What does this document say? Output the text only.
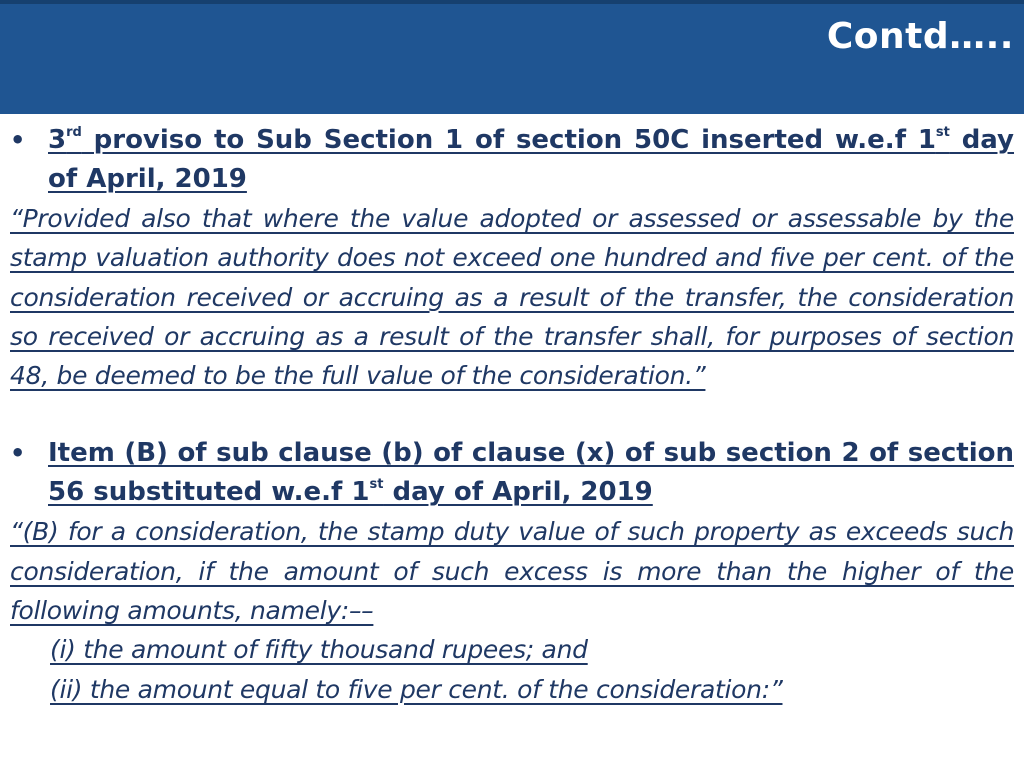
Contd…..
• 3rd proviso to Sub Section 1 of section 50C inserted w.e.f 1st day of April, 2019
“Provided also that where the value adopted or assessed or assessable by the stamp valuation authority does not exceed one hundred and five per cent. of the consideration received or accruing as a result of the transfer, the consideration so received or accruing as a result of the transfer shall, for purposes of section 48, be deemed to be the full value of the consideration.”
• Item (B) of sub clause (b) of clause (x) of sub section 2 of section 56 substituted w.e.f 1st day of April, 2019
“(B) for a consideration, the stamp duty value of such property as exceeds such consideration, if the amount of such excess is more than the higher of the following amounts, namely:––
(i) the amount of fifty thousand rupees; and
(ii) the amount equal to five per cent. of the consideration:”
